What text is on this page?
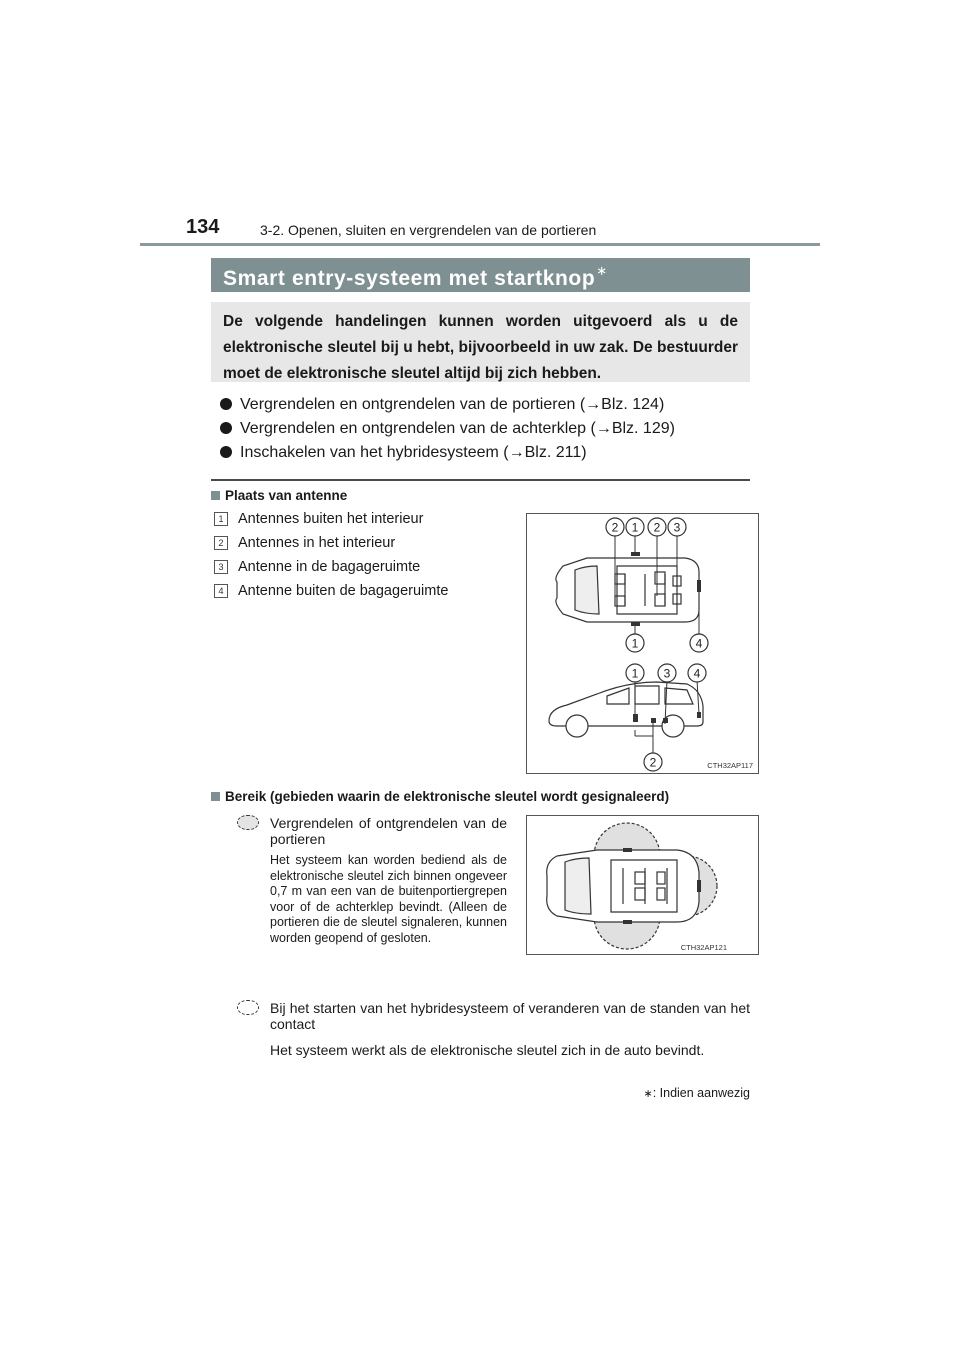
134	3-2. Openen, sluiten en vergrendelen van de portieren
Smart entry-systeem met startknop∗
De volgende handelingen kunnen worden uitgevoerd als u de elektronische sleutel bij u hebt, bijvoorbeeld in uw zak. De bestuurder moet de elektronische sleutel altijd bij zich hebben.
Vergrendelen en ontgrendelen van de portieren (→Blz. 124)
Vergrendelen en ontgrendelen van de achterklep (→Blz. 129)
Inschakelen van het hybridesysteem (→Blz. 211)
Plaats van antenne
1 Antennes buiten het interieur
2 Antennes in het interieur
3 Antenne in de bagageruimte
4 Antenne buiten de bagageruimte
2 1 2 3
1	4
1 3 4
2	CTH32AP117
Bereik (gebieden waarin de elektronische sleutel wordt gesignaleerd)
Vergrendelen of ontgrendelen van de portieren
Het systeem kan worden bediend als de elektronische sleutel zich binnen ongeveer 0,7 m van een van de buitenportiergrepen voor of de achterklep bevindt. (Alleen de portieren die de sleutel signaleren, kunnen worden geopend of gesloten.
CTH32AP121
Bij het starten van het hybridesysteem of veranderen van de standen van het contact
Het systeem werkt als de elektronische sleutel zich in de auto bevindt.
∗: Indien aanwezig
